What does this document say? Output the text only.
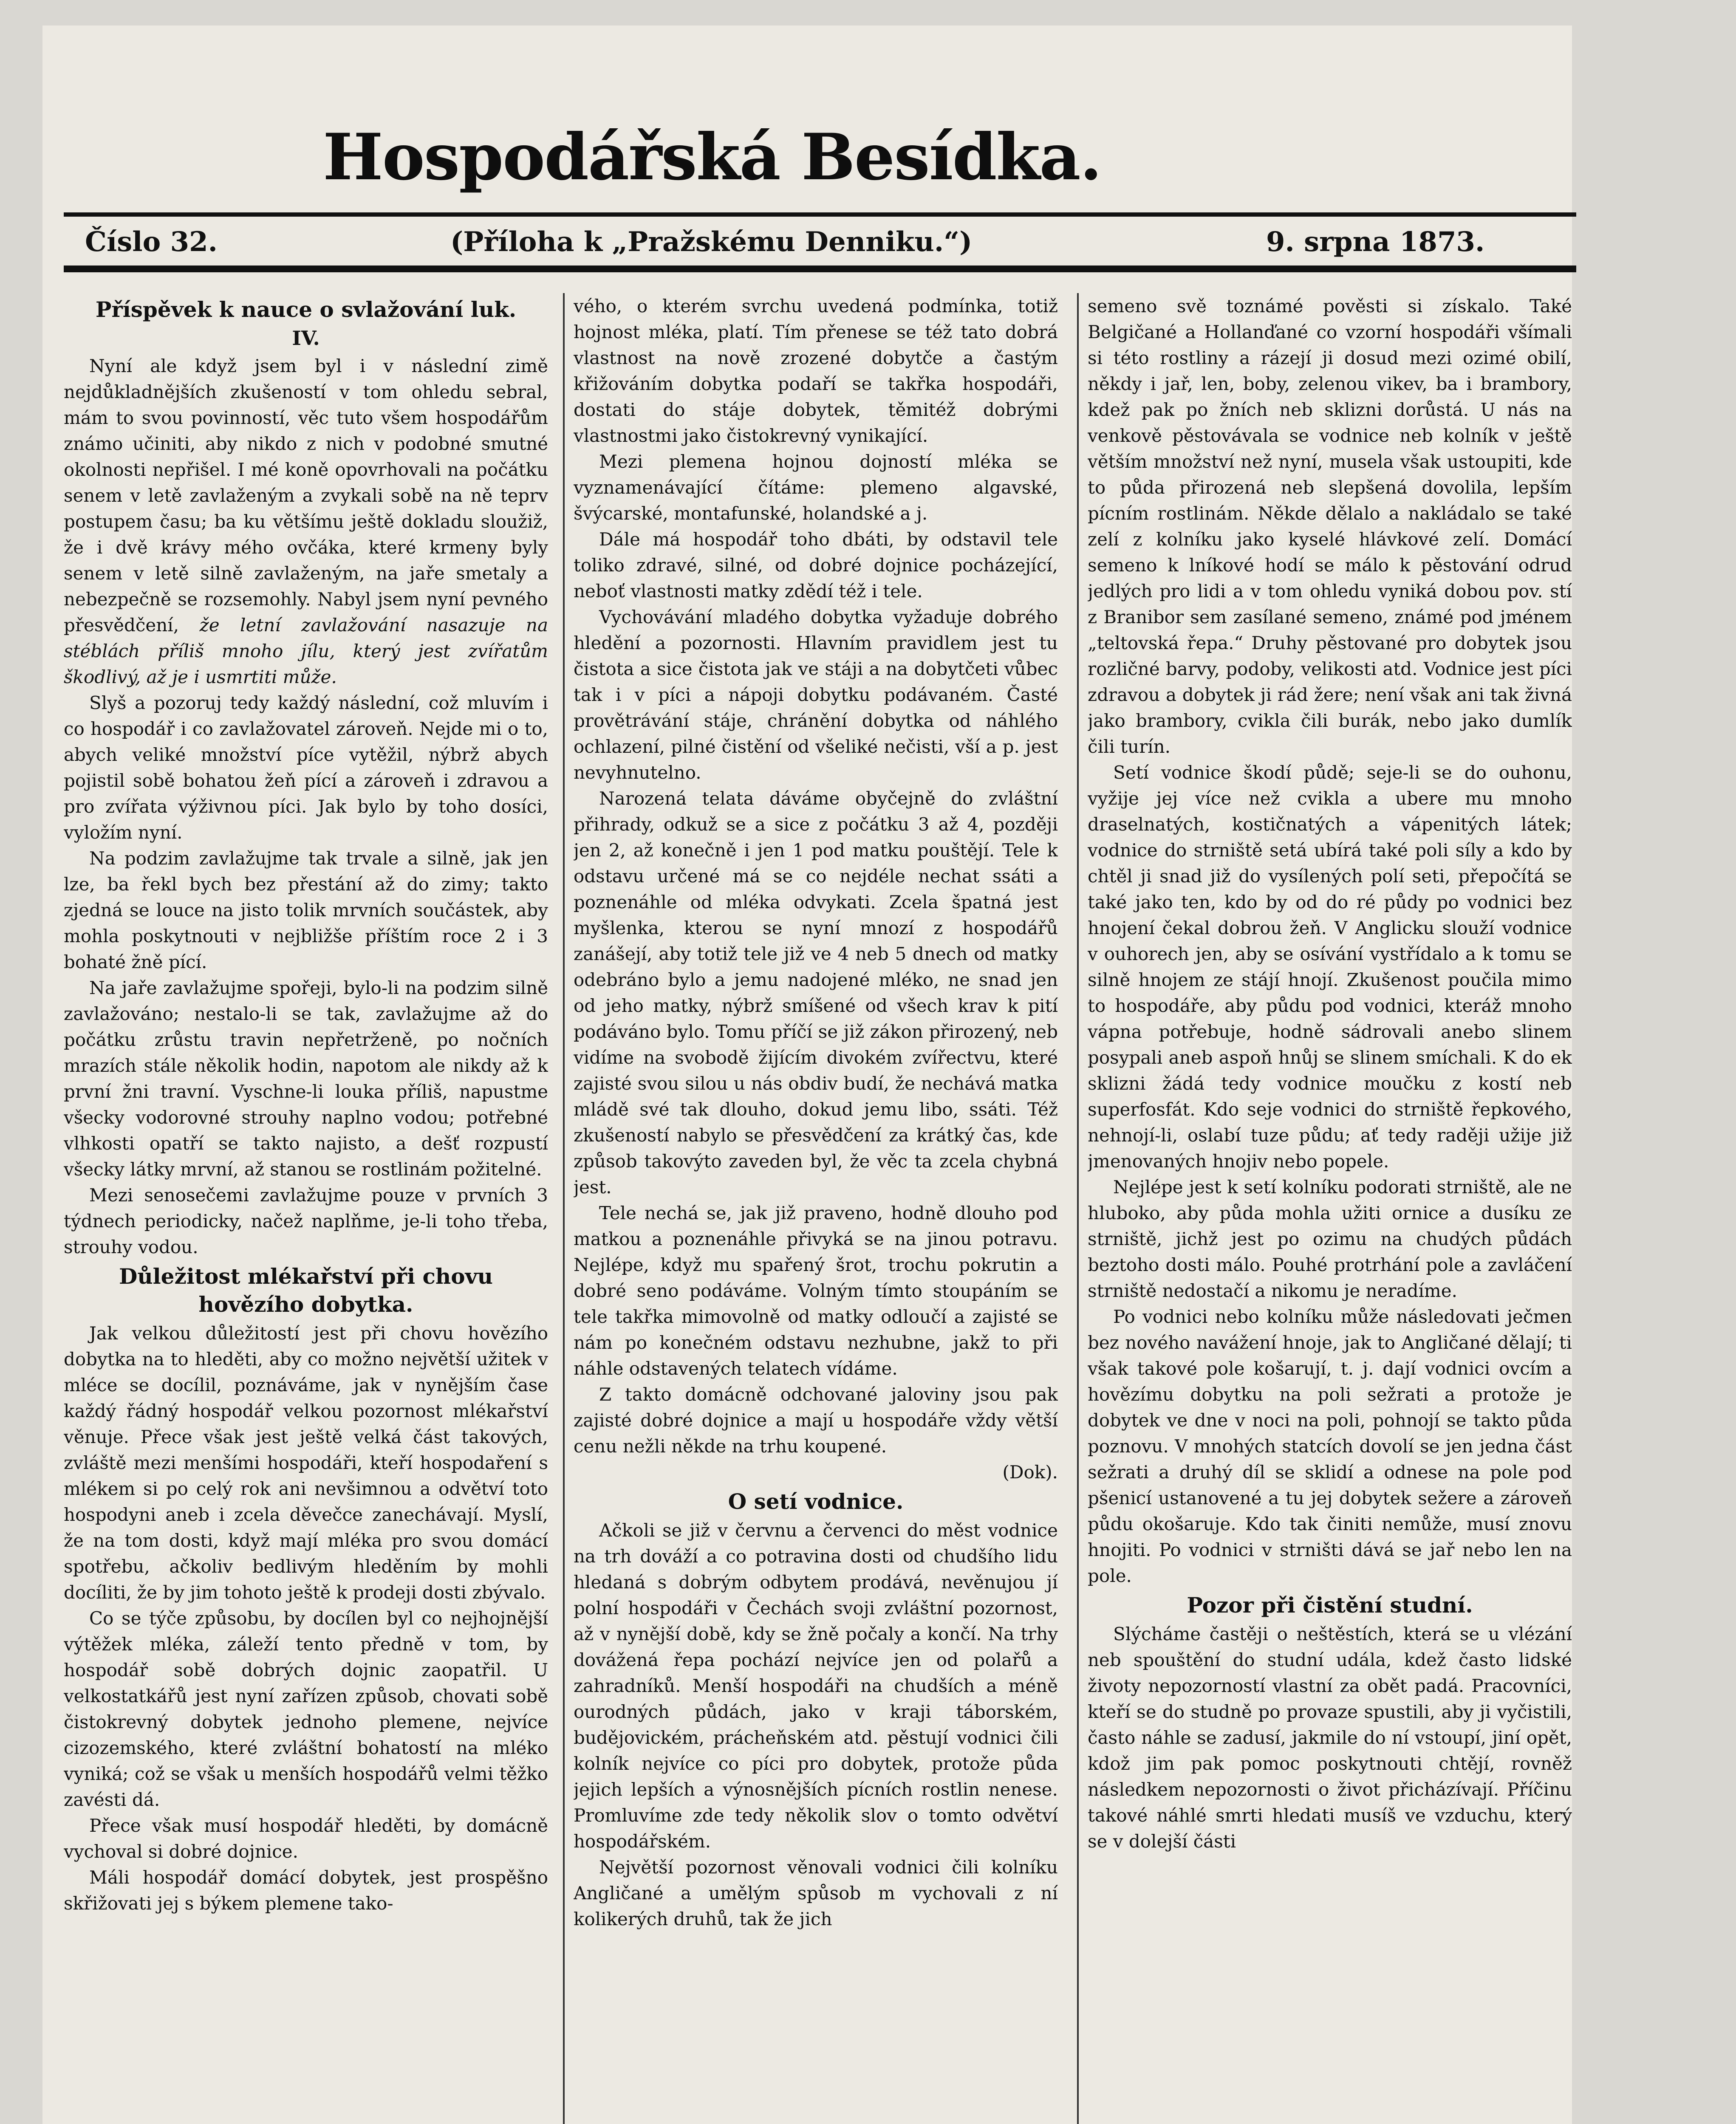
Hospodářská Besídka.
Číslo 32.	(Příloha k „Pražskému Denniku.“)	9. srpna 1873.
Příspěvek k nauce o svlažování luk.
IV.

Nyní ale když jsem byl i v následní zimě nejdůkladnějších zkušeností v tom ohledu sebral, mám to svou povinností, věc tuto všem hospodářům známo učiniti, aby nikdo z nich v podobné smutné okolnosti nepřišel. I mé koně opovrhovali na počátku senem v letě zavlaženým a zvykali sobě na ně teprv postupem času; ba ku většímu ještě dokladu sloužiž, že i dvě krávy mého ovčáka, které krmeny byly senem v letě silně zavlaženým, na jaře smetaly a nebezpečně se rozsemohly. Nabyl jsem nyní pevného přesvědčení, že letní zavlažování nasazuje na stéblách příliš mnoho jílu, který jest zvířatům škodlivý, až je i usmrtiti může.

Slyš a pozoruj tedy každý následní, což mluvím i co hospodář i co zavlažovatel zároveň. Nejde mi o to, abych veliké množství píce vytěžil, nýbrž abych pojistil sobě bohatou žeň pící a zároveň i zdravou a pro zvířata výživnou píci. Jak bylo by toho dosíci, vyložím nyní.

Na podzim zavlažujme tak trvale a silně, jak jen lze, ba řekl bych bez přestání až do zimy; takto zjedná se louce na jisto tolik mrvních součástek, aby mohla poskytnouti v nejbližše příštím roce 2 i 3 bohaté žně pící.

Na jaře zavlažujme spořeji, bylo-li na podzim silně zavlažováno; nestalo-li se tak, zavlažujme až do počátku zrůstu travin nepřetrženě, po nočních mrazích stále několik hodin, napotom ale nikdy až k první žni travní. Vyschne-li louka příliš, napustme všecky vodorovné strouhy naplno vodou; potřebné vlhkosti opatří se takto najisto, a dešť rozpustí všecky látky mrvní, až stanou se rostlinám požitelné.

Mezi senosečemi zavlažujme pouze v prvních 3 týdnech periodicky, načež naplňme, je-li toho třeba, strouhy vodou.

Důležitost mlékařství při chovu hovězího dobytka.

Jak velkou důležitostí jest při chovu hovězího dobytka na to hleděti, aby co možno největší užitek v mléce se docílil, poznáváme, jak v nynějším čase každý řádný hospodář velkou pozornost mlékařství věnuje. Přece však jest ještě velká část takových, zvláště mezi menšími hospodáři, kteří hospodaření s mlékem si po celý rok ani nevšimnou a odvětví toto hospodyni aneb i zcela děvečce zanechávají. Myslí, že na tom dosti, když mají mléka pro svou domácí spotřebu, ačkoliv bedlivým hleděním by mohli docíliti, že by jim tohoto ještě k prodeji dosti zbývalo.

Co se týče způsobu, by docílen byl co nejhojnější výtěžek mléka, záleží tento předně v tom, by hospodář sobě dobrých dojnic zaopatřil. U velkostatkářů jest nyní zařízen způsob, chovati sobě čistokrevný dobytek jednoho plemene, nejvíce cizozemského, které zvláštní bohatostí na mléko vyniká; což se však u menších hospodářů velmi těžko zavésti dá.

Přece však musí hospodář hleděti, by domácně vychoval si dobré dojnice.

Máli hospodář domácí dobytek, jest prospěšno skřižovati jej s býkem plemene tako-

vého, o kterém svrchu uvedená podmínka, totiž hojnost mléka, platí. Tím přenese se též tato dobrá vlastnost na nově zrozené dobytče a častým křižováním dobytka podaří se takřka hospodáři, dostati do stáje dobytek, těmitéž dobrými vlastnostmi jako čistokrevný vynikající.

Mezi plemena hojnou dojností mléka se vyznamenávající čítáme: plemeno algavské, švýcarské, montafunské, holandské a j.

Dále má hospodář toho dbáti, by odstavil tele toliko zdravé, silné, od dobré dojnice pocházející, neboť vlastnosti matky zdědí též i tele.

Vychovávání mladého dobytka vyžaduje dobrého hledění a pozornosti. Hlavním pravidlem jest tu čistota a sice čistota jak ve stáji a na dobytčeti vůbec tak i v píci a nápoji dobytku podávaném. Časté provětrávání stáje, chránění dobytka od náhlého ochlazení, pilné čistění od všeliké nečisti, vší a p. jest nevyhnutelno.

Narozená telata dáváme obyčejně do zvláštní přihrady, odkuž se a sice z počátku 3 až 4, později jen 2, až konečně i jen 1 pod matku pouštějí. Tele k odstavu určené má se co nejdéle nechat ssáti a poznenáhle od mléka odvykati. Zcela špatná jest myšlenka, kterou se nyní mnozí z hospodářů zanášejí, aby totiž tele již ve 4 neb 5 dnech od matky odebráno bylo a jemu nadojené mléko, ne snad jen od jeho matky, nýbrž smíšené od všech krav k pití podáváno bylo. Tomu příčí se již zákon přirozený, neb vidíme na svobodě žijícím divokém zvířectvu, které zajisté svou silou u nás obdiv budí, že nechává matka mládě své tak dlouho, dokud jemu libo, ssáti. Též zkušeností nabylo se přesvědčení za krátký čas, kde způsob takovýto zaveden byl, že věc ta zcela chybná jest.

Tele nechá se, jak již praveno, hodně dlouho pod matkou a poznenáhle přivyká se na jinou potravu. Nejlépe, když mu spařený šrot, trochu pokrutin a dobré seno podáváme. Volným tímto stoupáním se tele takřka mimovolně od matky odloučí a zajisté se nám po konečném odstavu nezhubne, jakž to při náhle odstavených telatech vídáme.

Z takto domácně odchované jaloviny jsou pak zajisté dobré dojnice a mají u hospodáře vždy větší cenu nežli někde na trhu koupené.

(Dok).

O setí vodnice.

Ačkoli se již v červnu a červenci do měst vodnice na trh dováží a co potravina dosti od chudšího lidu hledaná s dobrým odbytem prodává, nevěnujou jí polní hospodáři v Čechách svoji zvláštní pozornost, až v nynější době, kdy se žně počaly a končí. Na trhy dovážená řepa pochází nejvíce jen od polařů a zahradníků. Menší hospodáři na chudších a méně ourodných půdách, jako v kraji táborském, budějovickém, prácheňském atd. pěstují vodnici čili kolník nejvíce co píci pro dobytek, protože půda jejich lepších a výnosnějších pícních rostlin nenese. Promluvíme zde tedy několik slov o tomto odvětví hospodářském.

Největší pozornost věnovali vodnici čili kolníku Angličané a umělým spůsob m vychovali z ní kolikerých druhů, tak že jich

semeno svě toznámé pověsti si získalo. Také Belgičané a Hollanďané co vzorní hospodáři všímali si této rostliny a rázejí ji dosud mezi ozimé obilí, někdy i jař, len, boby, zelenou vikev, ba i brambory, kdež pak po žních neb sklizni dorůstá. U nás na venkově pěstovávala se vodnice neb kolník v ještě větším množství než nyní, musela však ustoupiti, kde to půda přirozená neb slepšená dovolila, lepším pícním rostlinám. Někde dělalo a nakládalo se také zelí z kolníku jako kyselé hlávkové zelí. Domácí semeno k lníkové hodí se málo k pěstování odrud jedlých pro lidi a v tom ohledu vyniká dobou pov. stí z Branibor sem zasílané semeno, známé pod jménem „teltovská řepa.“ Druhy pěstované pro dobytek jsou rozličné barvy, podoby, velikosti atd. Vodnice jest píci zdravou a dobytek ji rád žere; není však ani tak živná jako brambory, cvikla čili burák, nebo jako dumlík čili turín.

Setí vodnice škodí půdě; seje-li se do ouhonu, vyžije jej více než cvikla a ubere mu mnoho draselnatých, kostičnatých a vápenitých látek; vodnice do strniště setá ubírá také poli síly a kdo by chtěl ji snad již do vysílených polí seti, přepočítá se také jako ten, kdo by od do ré půdy po vodnici bez hnojení čekal dobrou žeň. V Anglicku slouží vodnice v ouhorech jen, aby se osívání vystřídalo a k tomu se silně hnojem ze stájí hnojí. Zkušenost poučila mimo to hospodáře, aby půdu pod vodnici, kteráž mnoho vápna potřebuje, hodně sádrovali anebo slinem posypali aneb aspoň hnůj se slinem smíchali. K do ek sklizni žádá tedy vodnice moučku z kostí neb superfosfát. Kdo seje vodnici do strniště řepkového, nehnojí-li, oslabí tuze půdu; ať tedy raději užije již jmenovaných hnojiv nebo popele.

Nejlépe jest k setí kolníku podorati strniště, ale ne hluboko, aby půda mohla užiti ornice a dusíku ze strniště, jichž jest po ozimu na chudých půdách beztoho dosti málo. Pouhé protrhání pole a zavláčení strniště nedostačí a nikomu je neradíme.

Po vodnici nebo kolníku může následovati ječmen bez nového navážení hnoje, jak to Angličané dělají; ti však takové pole košarují, t. j. dají vodnici ovcím a hovězímu dobytku na poli sežrati a protože je dobytek ve dne v noci na poli, pohnojí se takto půda poznovu. V mnohých statcích dovolí se jen jedna část sežrati a druhý díl se sklidí a odnese na pole pod pšenicí ustanovené a tu jej dobytek sežere a zároveň půdu okošaruje. Kdo tak činiti nemůže, musí znovu hnojiti. Po vodnici v strništi dává se jař nebo len na pole.

Pozor při čistění studní.

Slýcháme častěji o neštěstích, která se u vlézání neb spouštění do studní udála, kdež často lidské životy nepozorností vlastní za obět padá. Pracovníci, kteří se do studně po provaze spustili, aby ji vyčistili, často náhle se zadusí, jakmile do ní vstoupí, jiní opět, kdož jim pak pomoc poskytnouti chtějí, rovněž následkem nepozornosti o život přicházívají. Příčinu takové náhlé smrti hledati musíš ve vzduchu, který se v dolejší části
